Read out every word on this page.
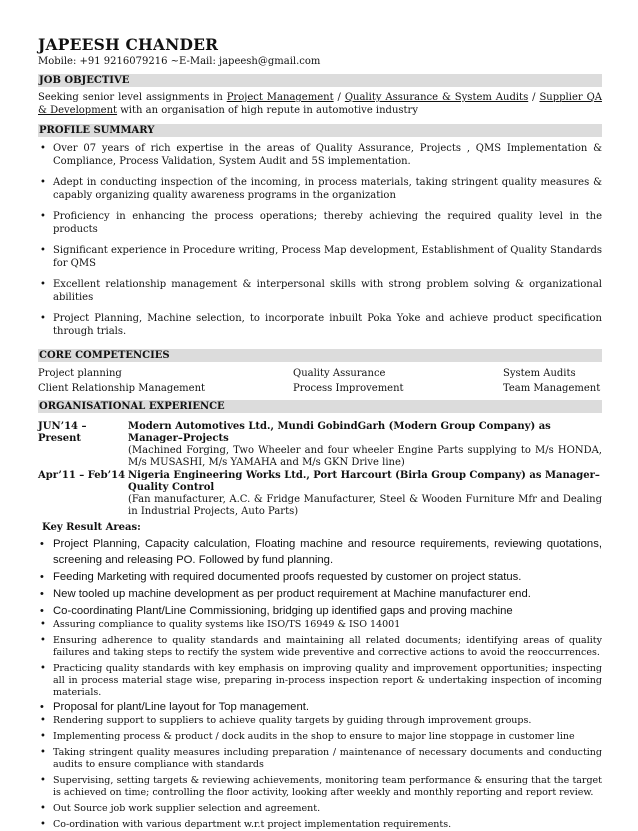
JAPEESH CHANDER
Mobile: +91 9216079216 ~E-Mail: japeesh@gmail.com
JOB OBJECTIVE
Seeking senior level assignments in Project Management / Quality Assurance & System Audits / Supplier QA & Development with an organisation of high repute in automotive industry
PROFILE SUMMARY
• Over 07 years of rich expertise in the areas of Quality Assurance, Projects , QMS Implementation & Compliance, Process Validation, System Audit and 5S implementation.
• Adept in conducting inspection of the incoming, in process materials, taking stringent quality measures & capably organizing quality awareness programs in the organization
• Proficiency in enhancing the process operations; thereby achieving the required quality level in the products
• Significant experience in Procedure writing, Process Map development, Establishment of Quality Standards for QMS
• Excellent relationship management & interpersonal skills with strong problem solving & organizational abilities
• Project Planning, Machine selection, to incorporate inbuilt Poka Yoke and achieve product specification through trials.
CORE COMPETENCIES
Project planning	Quality Assurance	System Audits
Client Relationship Management	Process Improvement	Team Management
ORGANISATIONAL EXPERIENCE
JUN’14 – Present
Modern Automotives Ltd., Mundi GobindGarh (Modern Group Company) as Manager–Projects
(Machined Forging, Two Wheeler and four wheeler Engine Parts supplying to M/s HONDA, M/s MUSASHI, M/s YAMAHA and M/s GKN Drive line)
Apr’11 – Feb’14 Nigeria Engineering Works Ltd., Port Harcourt (Birla Group Company) as Manager–Quality Control
(Fan manufacturer, A.C. & Fridge Manufacturer, Steel & Wooden Furniture Mfr and Dealing in Industrial Projects, Auto Parts)
Key Result Areas:
• Project Planning, Capacity calculation, Floating machine and resource requirements, reviewing quotations, screening and releasing PO. Followed by fund planning.
• Feeding Marketing with required documented proofs requested by customer on project status.
• New tooled up machine development as per product requirement at Machine manufacturer end.
• Co-coordinating Plant/Line Commissioning, bridging up identified gaps and proving machine
• Assuring compliance to quality systems like ISO/TS 16949 & ISO 14001
• Ensuring adherence to quality standards and maintaining all related documents; identifying areas of quality failures and taking steps to rectify the system wide preventive and corrective actions to avoid the reoccurrences.
• Practicing quality standards with key emphasis on improving quality and improvement opportunities; inspecting all in process material stage wise, preparing in-process inspection report & undertaking inspection of incoming materials.
• Proposal for plant/Line layout for Top management.
• Rendering support to suppliers to achieve quality targets by guiding through improvement groups.
• Implementing process & product / dock audits in the shop to ensure to major line stoppage in customer line
• Taking stringent quality measures including preparation / maintenance of necessary documents and conducting audits to ensure compliance with standards
• Supervising, setting targets & reviewing achievements, monitoring team performance & ensuring that the target is achieved on time; controlling the floor activity, looking after weekly and monthly reporting and report review.
• Out Source job work supplier selection and agreement.
• Co-ordination with various department w.r.t project implementation requirements.
